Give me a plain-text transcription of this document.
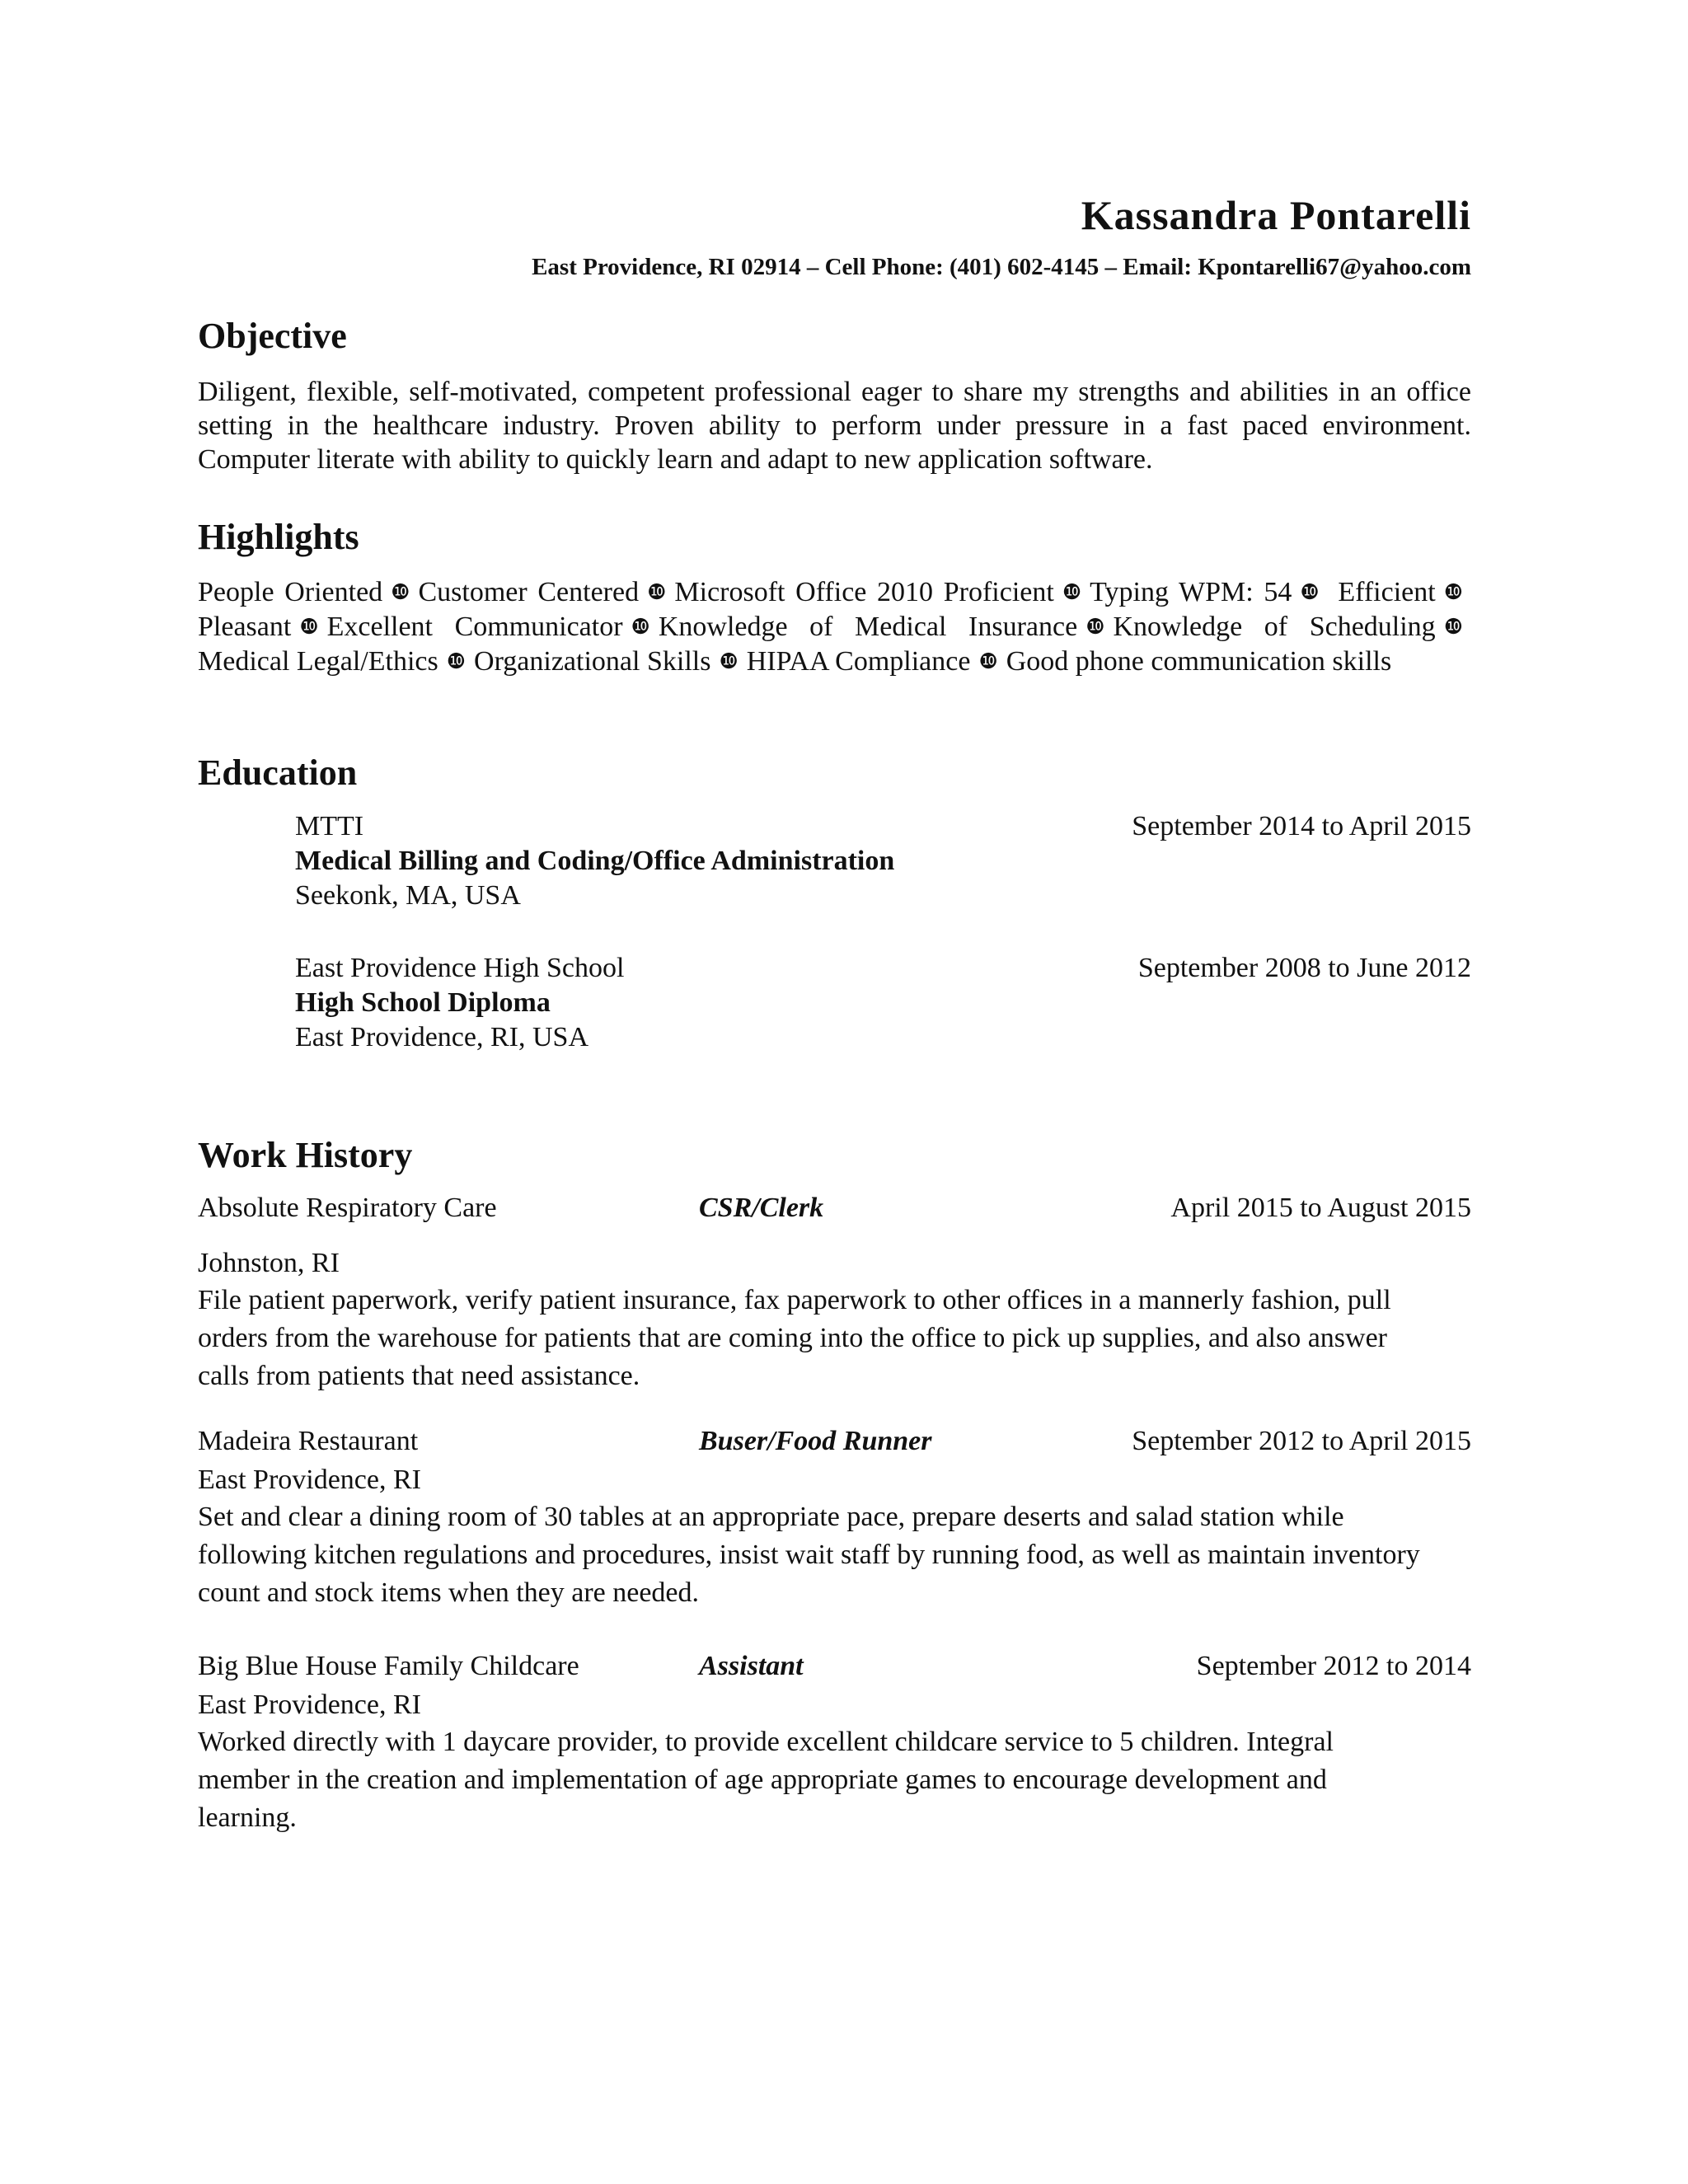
Kassandra Pontarelli
East Providence, RI 02914 – Cell Phone: (401) 602-4145 – Email: Kpontarelli67@yahoo.com
Objective
Diligent, flexible, self-motivated, competent professional eager to share my strengths and abilities in an office setting in the healthcare industry. Proven ability to perform under pressure in a fast paced environment. Computer literate with ability to quickly learn and adapt to new application software.
Highlights
People Oriented ❿ Customer Centered ❿ Microsoft Office 2010 Proficient ❿ Typing WPM: 54 ❿ Efficient ❿Pleasant ❿ Excellent Communicator ❿ Knowledge of Medical Insurance ❿ Knowledge of Scheduling ❿Medical Legal/Ethics ❿ Organizational Skills ❿ HIPAA Compliance ❿ Good phone communication skills
Education
MTTI	September 2014 to April 2015
Medical Billing and Coding/Office Administration
Seekonk, MA, USA
East Providence High School	September 2008 to June 2012
High School Diploma
East Providence, RI, USA
Work History
Absolute Respiratory Care	CSR/Clerk	April 2015 to August 2015
Johnston, RI
File patient paperwork, verify patient insurance, fax paperwork to other offices in a mannerly fashion, pull orders from the warehouse for patients that are coming into the office to pick up supplies, and also answer calls from patients that need assistance.
Madeira Restaurant	Buser/Food Runner	September 2012 to April 2015
East Providence, RI
Set and clear a dining room of 30 tables at an appropriate pace, prepare deserts and salad station while following kitchen regulations and procedures, insist wait staff by running food, as well as maintain inventory count and stock items when they are needed.
Big Blue House Family Childcare	Assistant	September 2012 to 2014
East Providence, RI
Worked directly with 1 daycare provider, to provide excellent childcare service to 5 children. Integral member in the creation and implementation of age appropriate games to encourage development and learning.
